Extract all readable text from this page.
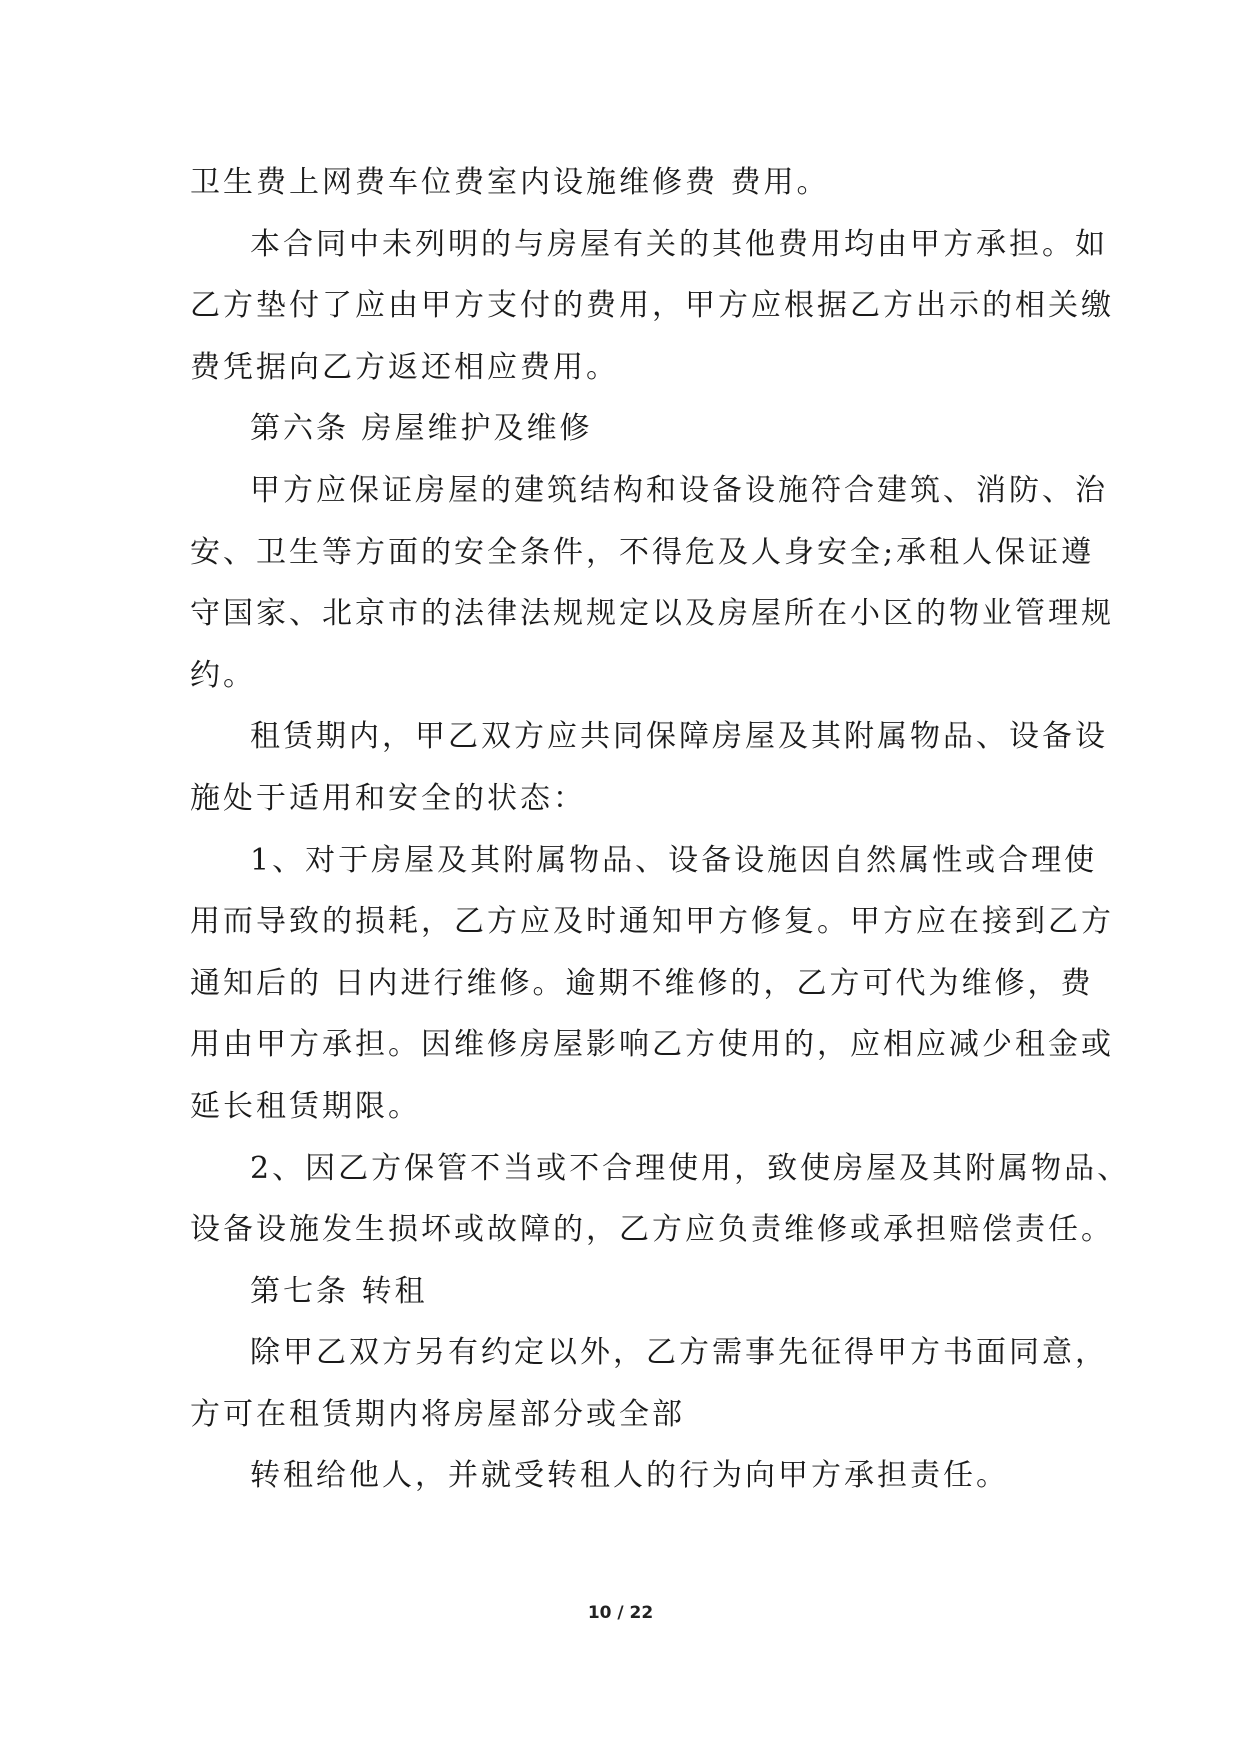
卫生费上网费车位费室内设施维修费 费用。
本合同中未列明的与房屋有关的其他费用均由甲方承担。如
乙方垫付了应由甲方支付的费用，甲方应根据乙方出示的相关缴
费凭据向乙方返还相应费用。
第六条 房屋维护及维修
甲方应保证房屋的建筑结构和设备设施符合建筑、消防、治
安、卫生等方面的安全条件，不得危及人身安全;承租人保证遵
守国家、北京市的法律法规规定以及房屋所在小区的物业管理规
约。
租赁期内，甲乙双方应共同保障房屋及其附属物品、设备设
施处于适用和安全的状态：
1、对于房屋及其附属物品、设备设施因自然属性或合理使
用而导致的损耗，乙方应及时通知甲方修复。甲方应在接到乙方
通知后的 日内进行维修。逾期不维修的，乙方可代为维修，费
用由甲方承担。因维修房屋影响乙方使用的，应相应减少租金或
延长租赁期限。
2、因乙方保管不当或不合理使用，致使房屋及其附属物品、
设备设施发生损坏或故障的，乙方应负责维修或承担赔偿责任。
第七条 转租
除甲乙双方另有约定以外，乙方需事先征得甲方书面同意，
方可在租赁期内将房屋部分或全部
转租给他人，并就受转租人的行为向甲方承担责任。
10 / 22
